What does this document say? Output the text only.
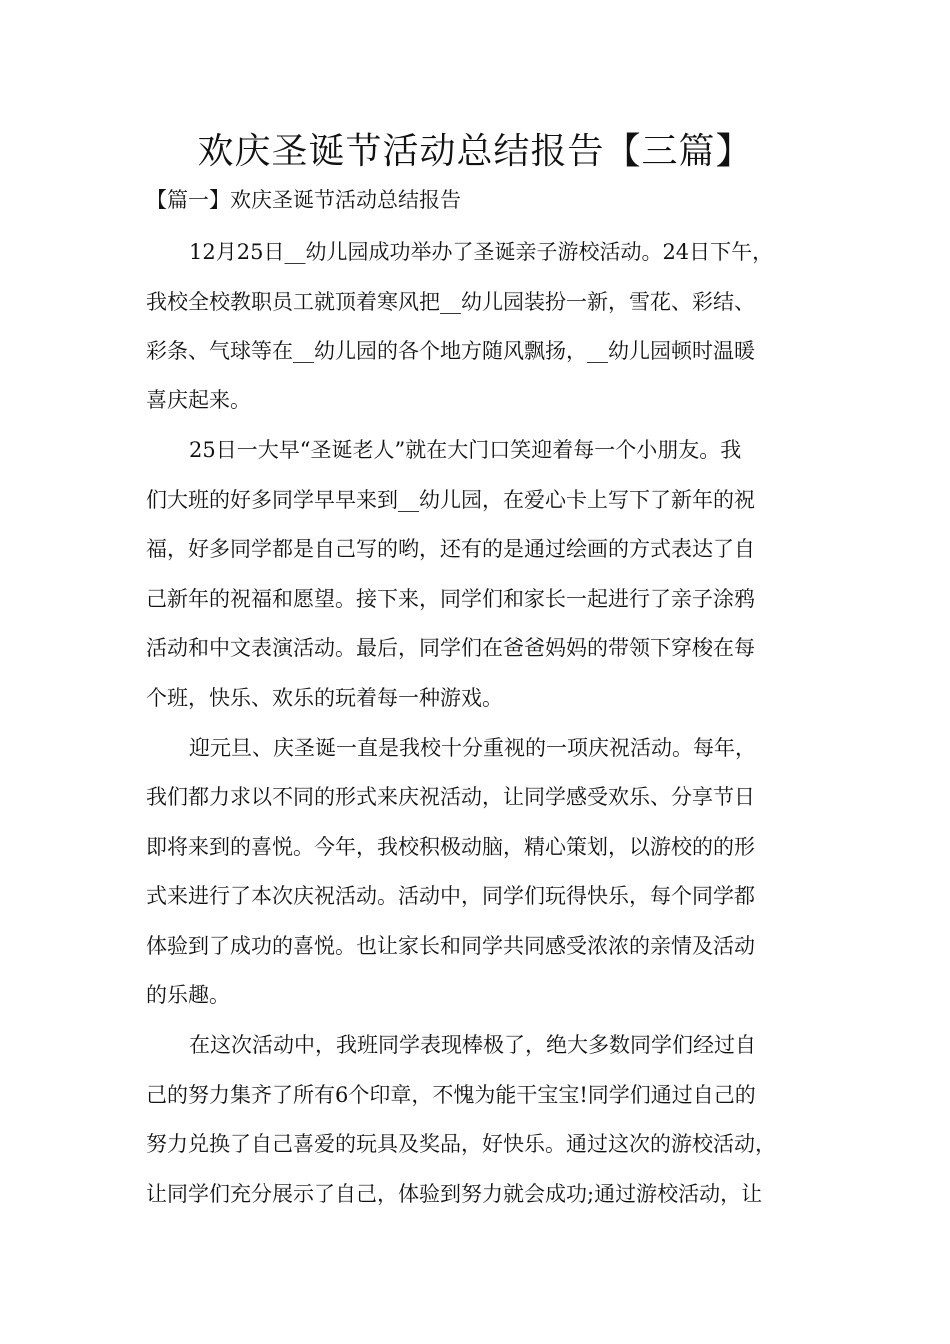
欢庆圣诞节活动总结报告【三篇】

【篇一】欢庆圣诞节活动总结报告

12月25日__幼儿园成功举办了圣诞亲子游校活动。24日下午，

我校全校教职员工就顶着寒风把__幼儿园装扮一新，雪花、彩结、

彩条、气球等在__幼儿园的各个地方随风飘扬，__幼儿园顿时温暖

喜庆起来。

25日一大早“圣诞老人”就在大门口笑迎着每一个小朋友。我

们大班的好多同学早早来到__幼儿园，在爱心卡上写下了新年的祝

福，好多同学都是自己写的哟，还有的是通过绘画的方式表达了自

己新年的祝福和愿望。接下来，同学们和家长一起进行了亲子涂鸦

活动和中文表演活动。最后，同学们在爸爸妈妈的带领下穿梭在每

个班，快乐、欢乐的玩着每一种游戏。

迎元旦、庆圣诞一直是我校十分重视的一项庆祝活动。每年，

我们都力求以不同的形式来庆祝活动，让同学感受欢乐、分享节日

即将来到的喜悦。今年，我校积极动脑，精心策划，以游校的的形

式来进行了本次庆祝活动。活动中，同学们玩得快乐，每个同学都

体验到了成功的喜悦。也让家长和同学共同感受浓浓的亲情及活动

的乐趣。

在这次活动中，我班同学表现棒极了，绝大多数同学们经过自

己的努力集齐了所有6个印章，不愧为能干宝宝!同学们通过自己的

努力兑换了自己喜爱的玩具及奖品，好快乐。通过这次的游校活动，

让同学们充分展示了自己，体验到努力就会成功;通过游校活动，让
